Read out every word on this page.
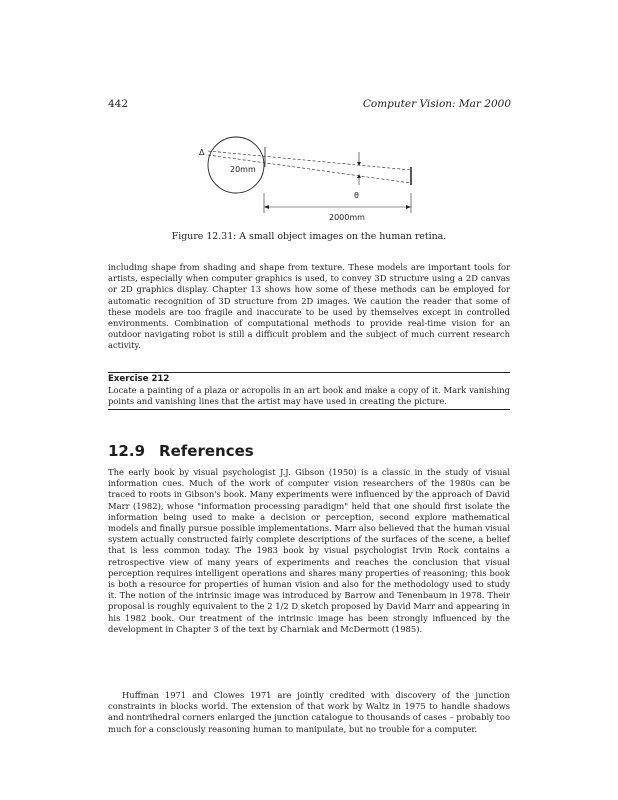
442	Computer Vision: Mar 2000
Δ
20mm
θ
2000mm
Figure 12.31: A small object images on the human retina.

including shape from shading and shape from texture. These models are important tools for artists, especially when computer graphics is used, to convey 3D structure using a 2D canvas or 2D graphics display. Chapter 13 shows how some of these methods can be employed for automatic recognition of 3D structure from 2D images. We caution the reader that some of these models are too fragile and inaccurate to be used by themselves except in controlled environments. Combination of computational methods to provide real-time vision for an outdoor navigating robot is still a difficult problem and the subject of much current research activity.

Exercise 212
Locate a painting of a plaza or acropolis in an art book and make a copy of it. Mark vanishing points and vanishing lines that the artist may have used in creating the picture.
12.9 References

The early book by visual psychologist J.J. Gibson (1950) is a classic in the study of visual information cues. Much of the work of computer vision researchers of the 1980s can be traced to roots in Gibson's book. Many experiments were influenced by the approach of David Marr (1982), whose "information processing paradigm" held that one should first isolate the information being used to make a decision or perception, second explore mathematical models and finally pursue possible implementations. Marr also believed that the human visual system actually constructed fairly complete descriptions of the surfaces of the scene, a belief that is less common today. The 1983 book by visual psychologist Irvin Rock contains a retrospective view of many years of experiments and reaches the conclusion that visual perception requires intelligent operations and shares many properties of reasoning; this book is both a resource for properties of human vision and also for the methodology used to study it. The notion of the intrinsic image was introduced by Barrow and Tenenbaum in 1978. Their proposal is roughly equivalent to the 2 1/2 D sketch proposed by David Marr and appearing in his 1982 book. Our treatment of the intrinsic image has been strongly influenced by the development in Chapter 3 of the text by Charniak and McDermott (1985).

Huffman 1971 and Clowes 1971 are jointly credited with discovery of the junction constraints in blocks world. The extension of that work by Waltz in 1975 to handle shadows and nontrihedral corners enlarged the junction catalogue to thousands of cases – probably too much for a consciously reasoning human to manipulate, but no trouble for a computer.
